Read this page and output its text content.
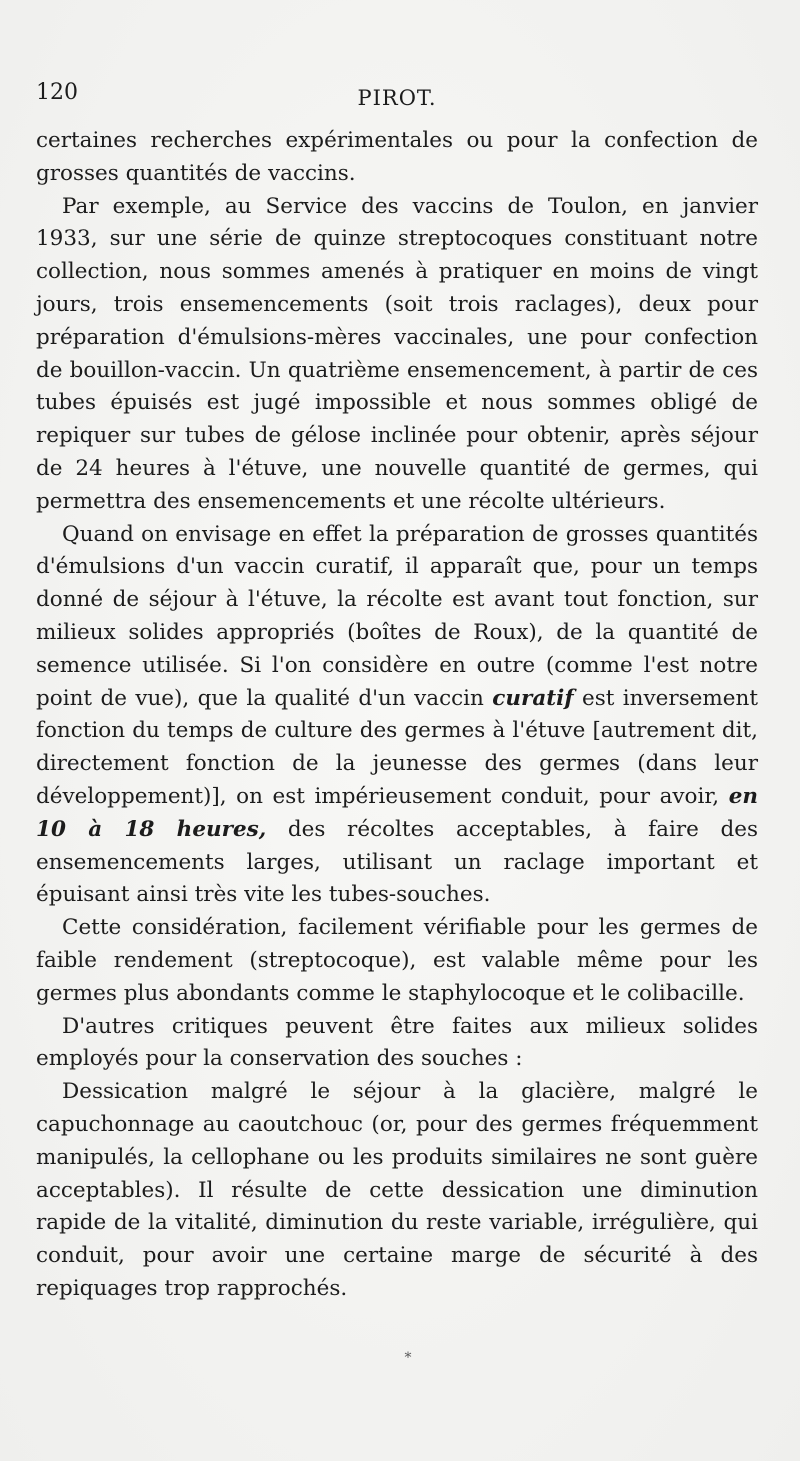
120	PIROT.

certaines recherches expérimentales ou pour la confection de grosses quantités de vaccins.

Par exemple, au Service des vaccins de Toulon, en janvier 1933, sur une série de quinze streptocoques constituant notre collection, nous sommes amenés à pratiquer en moins de vingt jours, trois ensemencements (soit trois raclages), deux pour préparation d'émulsions-mères vaccinales, une pour confection de bouillon-vaccin. Un quatrième ensemencement, à partir de ces tubes épuisés est jugé impossible et nous sommes obligé de repiquer sur tubes de gélose inclinée pour obtenir, après séjour de 24 heures à l'étuve, une nouvelle quantité de germes, qui permettra des ensemencements et une récolte ultérieurs.

Quand on envisage en effet la préparation de grosses quantités d'émulsions d'un vaccin curatif, il apparaît que, pour un temps donné de séjour à l'étuve, la récolte est avant tout fonction, sur milieux solides appropriés (boîtes de Roux), de la quantité de semence utilisée. Si l'on considère en outre (comme l'est notre point de vue), que la qualité d'un vaccin curatif est inversement fonction du temps de culture des germes à l'étuve [autrement dit, directement fonction de la jeunesse des germes (dans leur développement)], on est impérieusement conduit, pour avoir, en 10 à 18 heures, des récoltes acceptables, à faire des ensemencements larges, utilisant un raclage important et épuisant ainsi très vite les tubes-souches.

Cette considération, facilement vérifiable pour les germes de faible rendement (streptocoque), est valable même pour les germes plus abondants comme le staphylocoque et le colibacille.

D'autres critiques peuvent être faites aux milieux solides employés pour la conservation des souches :

Dessication malgré le séjour à la glacière, malgré le capuchonnage au caoutchouc (or, pour des germes fréquemment manipulés, la cellophane ou les produits similaires ne sont guère acceptables). Il résulte de cette dessication une diminution rapide de la vitalité, diminution du reste variable, irrégulière, qui conduit, pour avoir une certaine marge de sécurité à des repiquages trop rapprochés.

*
